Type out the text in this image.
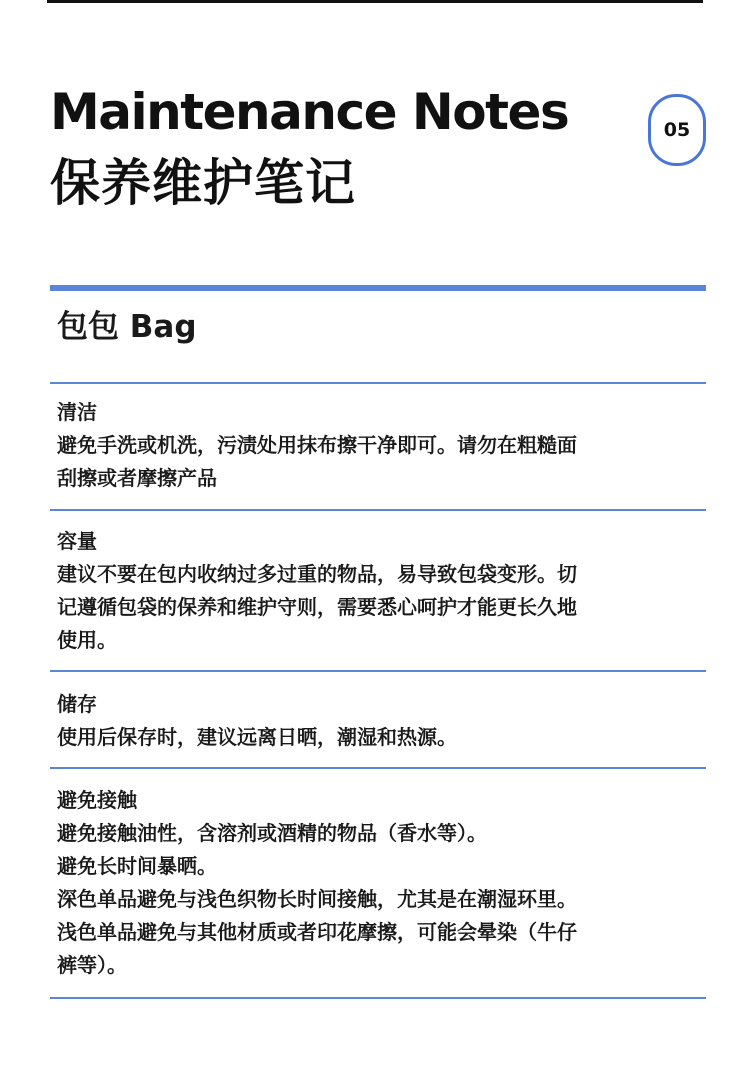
Maintenance Notes
保养维护笔记
05
包包 Bag
清洁
避免手洗或机洗，污渍处用抹布擦干净即可。请勿在粗糙面
刮擦或者摩擦产品
容量
建议不要在包内收纳过多过重的物品，易导致包袋变形。切
记遵循包袋的保养和维护守则，需要悉心呵护才能更长久地
使用。
储存
使用后保存时，建议远离日晒，潮湿和热源。
避免接触
避免接触油性，含溶剂或酒精的物品（香水等）。
避免长时间暴晒。
深色单品避免与浅色织物长时间接触，尤其是在潮湿环里。
浅色单品避免与其他材质或者印花摩擦，可能会晕染（牛仔
裤等）。
